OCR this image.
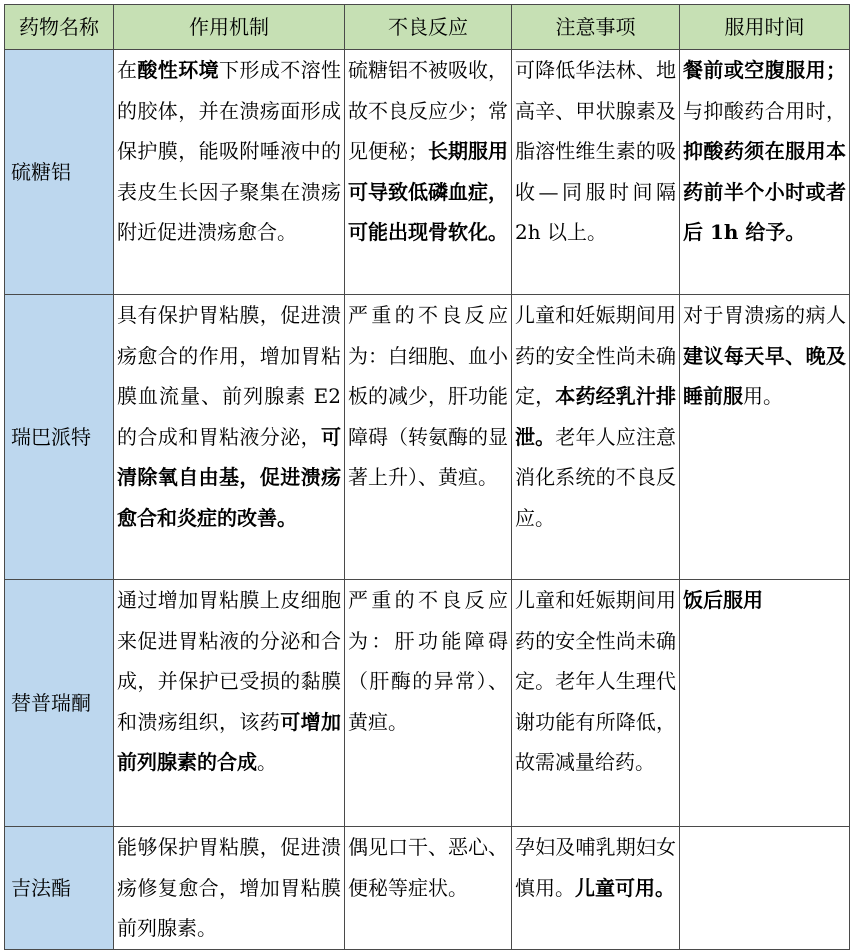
药物名称	作用机制	不良反应	注意事项	服用时间
硫糖铝	在酸性环境下形成不溶性的胶体，并在溃疡面形成保护膜，能吸附唾液中的表皮生长因子聚集在溃疡附近促进溃疡愈合。	硫糖铝不被吸收，故不良反应少；常见便秘；长期服用可导致低磷血症，可能出现骨软化。	可降低华法林、地高辛、甲状腺素及脂溶性维生素的吸收—同服时间隔 2h 以上。	餐前或空腹服用；与抑酸药合用时，抑酸药须在服用本药前半个小时或者后 1h 给予。
瑞巴派特	具有保护胃粘膜，促进溃疡愈合的作用，增加胃粘膜血流量、前列腺素 E2 的合成和胃粘液分泌，可清除氧自由基，促进溃疡愈合和炎症的改善。	严重的不良反应为：白细胞、血小板的减少，肝功能障碍（转氨酶的显著上升）、黄疸。	儿童和妊娠期间用药的安全性尚未确定，本药经乳汁排泄。老年人应注意消化系统的不良反应。	对于胃溃疡的病人建议每天早、晚及睡前服用。
替普瑞酮	通过增加胃粘膜上皮细胞来促进胃粘液的分泌和合成，并保护已受损的黏膜和溃疡组织，该药可增加前列腺素的合成。	严重的不良反应为：肝功能障碍（肝酶的异常）、黄疸。	儿童和妊娠期间用药的安全性尚未确定。老年人生理代谢功能有所降低，故需减量给药。	饭后服用
吉法酯	能够保护胃粘膜，促进溃疡修复愈合，增加胃粘膜前列腺素。	偶见口干、恶心、便秘等症状。	孕妇及哺乳期妇女慎用。儿童可用。	
